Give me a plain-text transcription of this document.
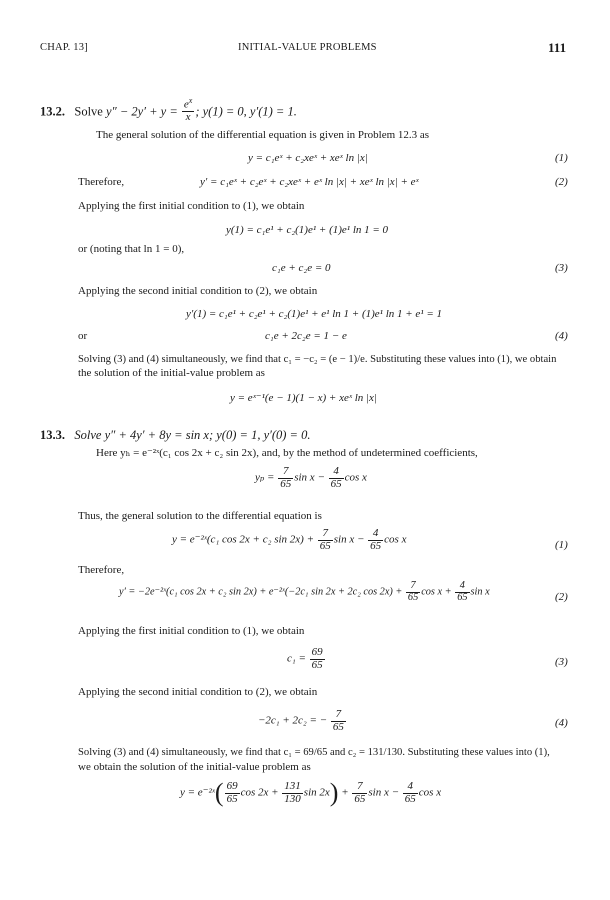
CHAP. 13]	INITIAL-VALUE PROBLEMS	111
13.2. Solve $y'' - 2y' + y = \frac{e^x}{x}$ ; y(1) = 0, y′(1) = 1.
The general solution of the differential equation is given in Problem 12.3 as
y = c₁eˣ + c₂xeˣ + xeˣ ln |x|	(1)
Therefore,	y′ = c₁eˣ + c₂eˣ + c₂xeˣ + eˣ ln |x| + xeˣ ln |x| + eˣ	(2)
Applying the first initial condition to (1), we obtain
y(1) = c₁e¹ + c₂(1)e¹ + (1)e¹ ln 1 = 0
or (noting that ln 1 = 0),
c₁e + c₂e = 0	(3)
Applying the second initial condition to (2), we obtain
y′(1) = c₁e¹ + c₂e¹ + c₂(1)e¹ + e¹ ln 1 + (1)e¹ ln 1 + e¹ = 1
or	c₁e + 2c₂e = 1 − e	(4)
Solving (3) and (4) simultaneously, we find that c₁ = −c₂ = (e − 1)/e. Substituting these values into (1), we obtain
the solution of the initial-value problem as
y = eˣ⁻¹(e − 1)(1 − x) + xeˣ ln |x|
13.3. Solve y″ + 4y′ + 8y = sin x; y(0) = 1, y′(0) = 0.
Here yₕ = e⁻²ˣ(c₁ cos 2x + c₂ sin 2x), and, by the method of undetermined coefficients,
$y_p = \frac{7}{65}$ $\sin x - \frac{4}{65}$ cos x
Thus, the general solution to the differential equation is
y = e⁻²ˣ(c₁ cos 2x + c₂ $\sin 2x) + \frac{7}{65}$ $\sin x - \frac{4}{65}$ cos x	(1)
Therefore,
y′ = −2e⁻²ˣ(c₁ cos 2x + c₂ sin 2x) + e⁻²ˣ(−2c₁ sin 2x + 2c₂ $\cos 2x) + \frac{7}{65}$ $\cos x + \frac{4}{65}$ sin x	(2)
Applying the first initial condition to (1), we obtain
$c_1 = \frac{69}{65}$	(3)
Applying the second initial condition to (2), we obtain
−2c₁ + 2c₂ = − $\frac{7}{65}$	(4)
Solving (3) and (4) simultaneously, we find that c₁ = 69/65 and c₂ = 131/130. Substituting these values into (1),
we obtain the solution of the initial-value problem as
y = e⁻²ˣ( $\frac{69}{65}$ $\cos 2x + \frac{131}{130}$ $\sin 2x) + \frac{7}{65}$ $\sin x - \frac{4}{65}$ cos x
